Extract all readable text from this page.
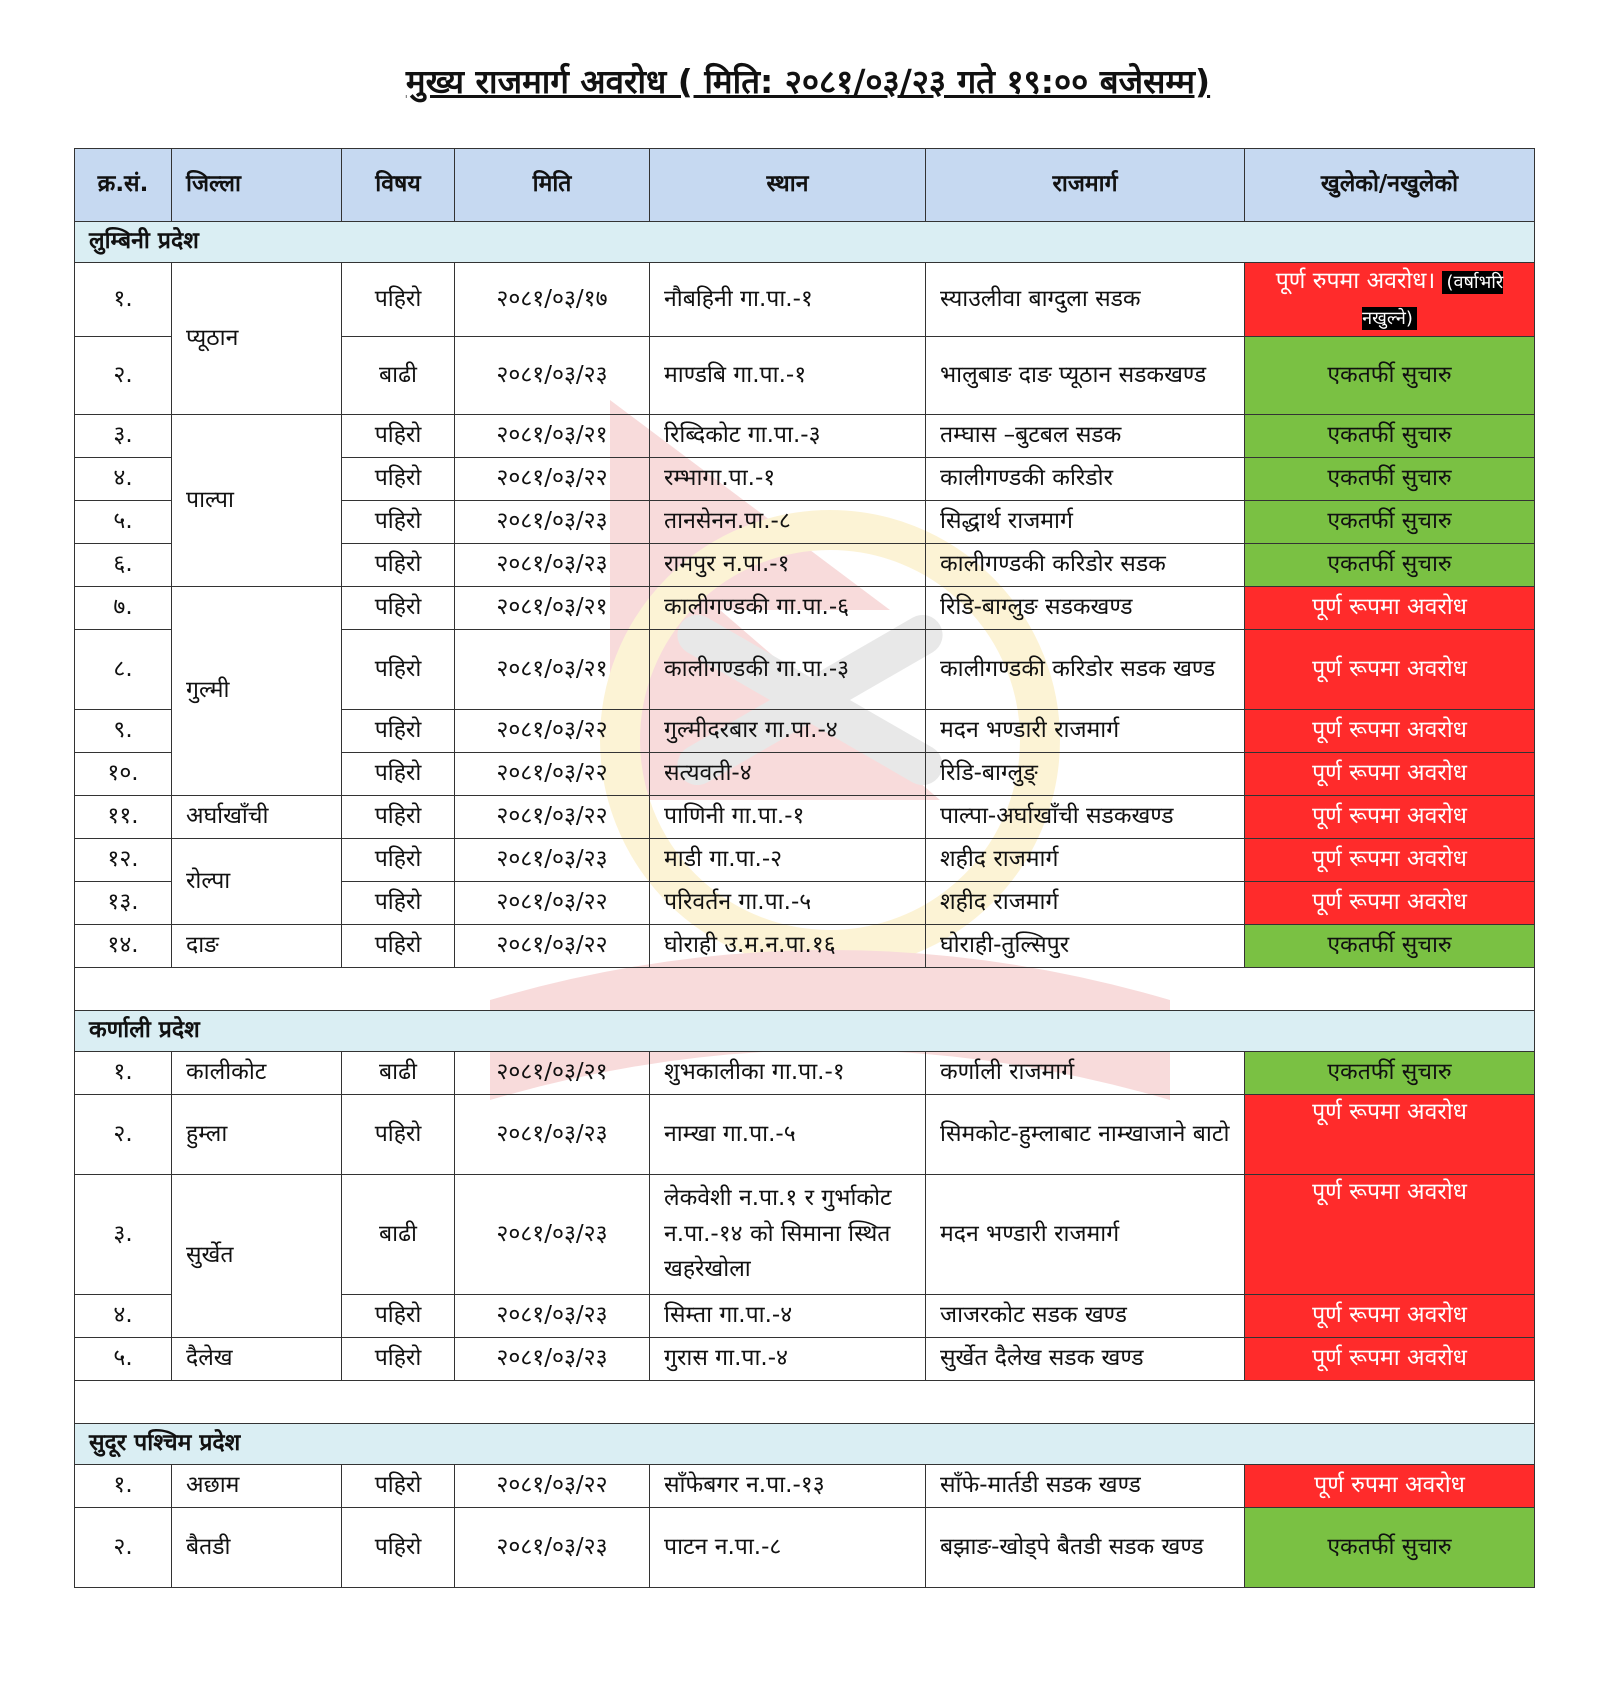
मुख्य राजमार्ग अवरोध ( मिति: २०८१/०३/२३ गते १९:०० बजेसम्म)
क्र.सं.	जिल्ला	विषय	मिति	स्थान	राजमार्ग	खुलेको/नखुलेको
लुम्बिनी प्रदेश						
१.	प्यूठान	पहिरो	२०८१/०३/१७	नौबहिनी गा.पा.-१	स्याउलीवा बाग्दुला सडक	पूर्ण रुपमा अवरोध। (वर्षाभरि नखुल्ने)
२.		बाढी	२०८१/०३/२३	माण्डबि गा.पा.-१	भालुबाङ दाङ प्यूठान सडकखण्ड	एकतर्फी सुचारु
३.	पाल्पा	पहिरो	२०८१/०३/२१	रिब्दिकोट गा.पा.-३	तम्घास –बुटबल सडक	एकतर्फी सुचारु
४.		पहिरो	२०८१/०३/२२	रम्भागा.पा.-१	कालीगण्डकी करिडोर	एकतर्फी सुचारु
५.		पहिरो	२०८१/०३/२३	तानसेनन.पा.-८	सिद्धार्थ राजमार्ग	एकतर्फी सुचारु
६.		पहिरो	२०८१/०३/२३	रामपुर न.पा.-१	कालीगण्डकी करिडोर सडक	एकतर्फी सुचारु
७.	गुल्मी	पहिरो	२०८१/०३/२१	कालीगण्डकी गा.पा.-६	रिडि-बाग्लुङ सडकखण्ड	पूर्ण रूपमा अवरोध
८.		पहिरो	२०८१/०३/२१	कालीगण्डकी गा.पा.-३	कालीगण्डकी करिडोर सडक खण्ड	पूर्ण रूपमा अवरोध
९.		पहिरो	२०८१/०३/२२	गुल्मीदरबार गा.पा.-४	मदन भण्डारी राजमार्ग	पूर्ण रूपमा अवरोध
१०.		पहिरो	२०८१/०३/२२	सत्यवती-४	रिडि-बाग्लुङ्	पूर्ण रूपमा अवरोध
११.	अर्घाखाँची	पहिरो	२०८१/०३/२२	पाणिनी गा.पा.-१	पाल्पा-अर्घाखाँची सडकखण्ड	पूर्ण रूपमा अवरोध
१२.	रोल्पा	पहिरो	२०८१/०३/२३	माडी गा.पा.-२	शहीद राजमार्ग	पूर्ण रूपमा अवरोध
१३.		पहिरो	२०८१/०३/२२	परिवर्तन गा.पा.-५	शहीद राजमार्ग	पूर्ण रूपमा अवरोध
१४.	दाङ	पहिरो	२०८१/०३/२२	घोराही उ.म.न.पा.१६	घोराही-तुल्सिपुर	एकतर्फी सुचारु

कर्णाली प्रदेश						
१.	कालीकोट	बाढी	२०८१/०३/२१	शुभकालीका गा.पा.-१	कर्णाली राजमार्ग	एकतर्फी सुचारु
२.	हुम्ला	पहिरो	२०८१/०३/२३	नाम्खा गा.पा.-५	सिमकोट-हुम्लाबाट नाम्खाजाने बाटो	पूर्ण रूपमा अवरोध
३.	सुर्खेत	बाढी	२०८१/०३/२३	लेकवेशी न.पा.१ र गुर्भाकोट न.पा.-१४ को सिमाना स्थित खहरेखोला	मदन भण्डारी राजमार्ग	पूर्ण रूपमा अवरोध
४.		पहिरो	२०८१/०३/२३	सिम्ता गा.पा.-४	जाजरकोट सडक खण्ड	पूर्ण रूपमा अवरोध
५.	दैलेख	पहिरो	२०८१/०३/२३	गुरास गा.पा.-४	सुर्खेत दैलेख सडक खण्ड	पूर्ण रूपमा अवरोध

सुदूर पश्चिम प्रदेश						
१.	अछाम	पहिरो	२०८१/०३/२२	साँफेबगर न.पा.-१३	साँफे-मार्तडी सडक खण्ड	पूर्ण रुपमा अवरोध
२.	बैतडी	पहिरो	२०८१/०३/२३	पाटन न.पा.-८	बझाङ-खोड्पे बैतडी सडक खण्ड	एकतर्फी सुचारु
